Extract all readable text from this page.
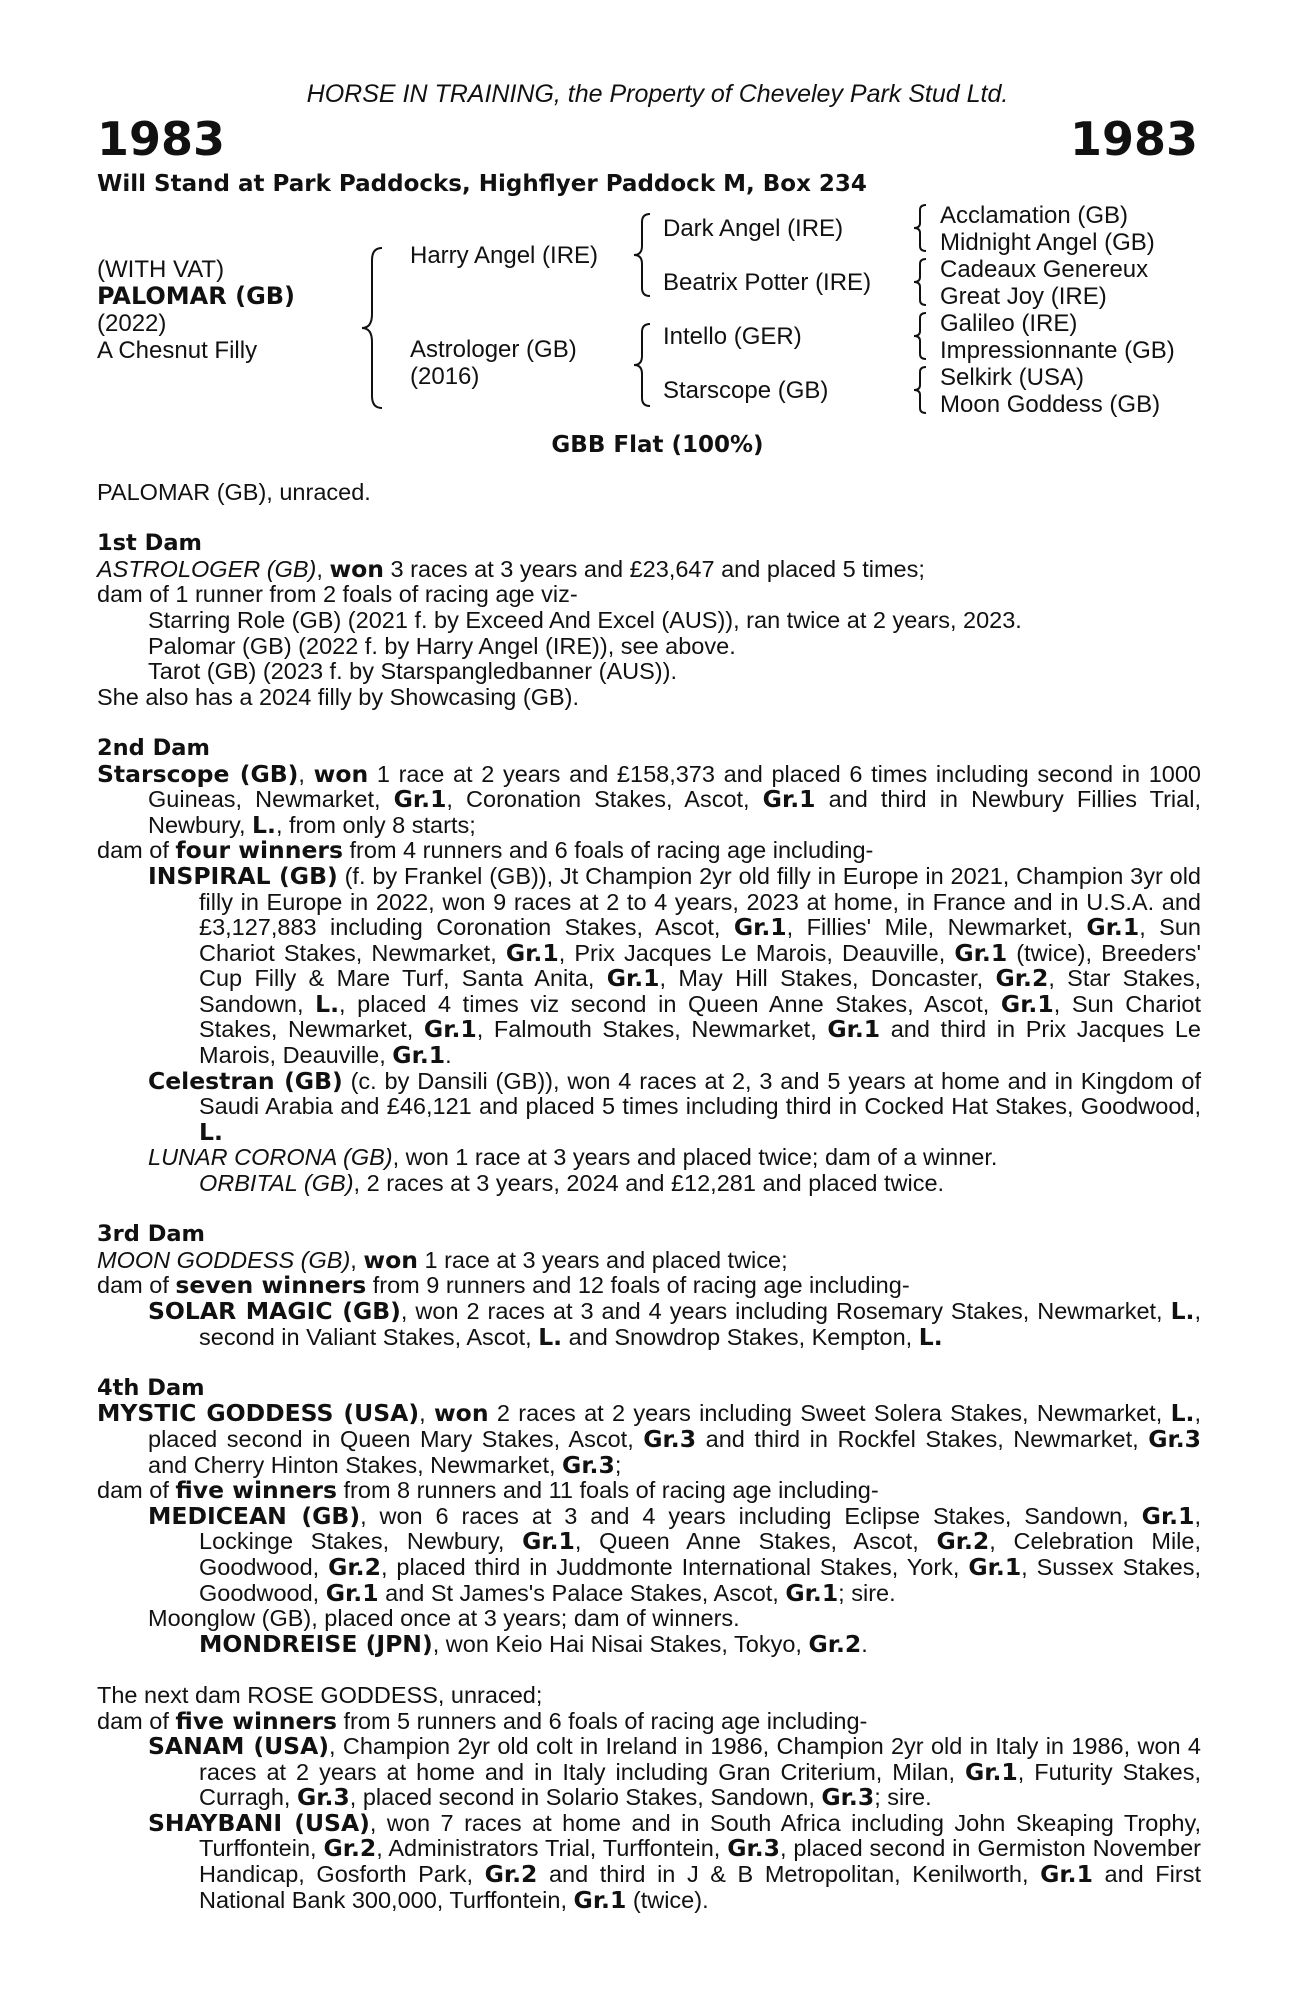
HORSE IN TRAINING, the Property of Cheveley Park Stud Ltd.
1983	1983
Will Stand at Park Paddocks, Highflyer Paddock M, Box 234
(WITH VAT)
PALOMAR (GB)
(2022)
A Chesnut Filly
Harry Angel (IRE)
Astrologer (GB)
(2016)
Dark Angel (IRE)
Beatrix Potter (IRE)
Intello (GER)
Starscope (GB)
Acclamation (GB)
Midnight Angel (GB)
Cadeaux Genereux
Great Joy (IRE)
Galileo (IRE)
Impressionnante (GB)
Selkirk (USA)
Moon Goddess (GB)
GBB Flat (100%)

PALOMAR (GB), unraced.

1st Dam

ASTROLOGER (GB), won 3 races at 3 years and £23,647 and placed 5 times;

dam of 1 runner from 2 foals of racing age viz-

Starring Role (GB) (2021 f. by Exceed And Excel (AUS)), ran twice at 2 years, 2023.

Palomar (GB) (2022 f. by Harry Angel (IRE)), see above.

Tarot (GB) (2023 f. by Starspangledbanner (AUS)).

She also has a 2024 filly by Showcasing (GB).

2nd Dam

Starscope (GB), won 1 race at 2 years and £158,373 and placed 6 times including second in 1000 Guineas, Newmarket, Gr.1, Coronation Stakes, Ascot, Gr.1 and third in Newbury Fillies Trial, Newbury, L., from only 8 starts;

dam of four winners from 4 runners and 6 foals of racing age including-

INSPIRAL (GB) (f. by Frankel (GB)), Jt Champion 2yr old filly in Europe in 2021, Champion 3yr old filly in Europe in 2022, won 9 races at 2 to 4 years, 2023 at home, in France and in U.S.A. and £3,127,883 including Coronation Stakes, Ascot, Gr.1, Fillies' Mile, Newmarket, Gr.1, Sun Chariot Stakes, Newmarket, Gr.1, Prix Jacques Le Marois, Deauville, Gr.1 (twice), Breeders' Cup Filly & Mare Turf, Santa Anita, Gr.1, May Hill Stakes, Doncaster, Gr.2, Star Stakes, Sandown, L., placed 4 times viz second in Queen Anne Stakes, Ascot, Gr.1, Sun Chariot Stakes, Newmarket, Gr.1, Falmouth Stakes, Newmarket, Gr.1 and third in Prix Jacques Le Marois, Deauville, Gr.1.

Celestran (GB) (c. by Dansili (GB)), won 4 races at 2, 3 and 5 years at home and in Kingdom of Saudi Arabia and £46,121 and placed 5 times including third in Cocked Hat Stakes, Goodwood, L.

LUNAR CORONA (GB), won 1 race at 3 years and placed twice; dam of a winner.

ORBITAL (GB), 2 races at 3 years, 2024 and £12,281 and placed twice.

3rd Dam

MOON GODDESS (GB), won 1 race at 3 years and placed twice;

dam of seven winners from 9 runners and 12 foals of racing age including-

SOLAR MAGIC (GB), won 2 races at 3 and 4 years including Rosemary Stakes, Newmarket, L., second in Valiant Stakes, Ascot, L. and Snowdrop Stakes, Kempton, L.

4th Dam

MYSTIC GODDESS (USA), won 2 races at 2 years including Sweet Solera Stakes, Newmarket, L., placed second in Queen Mary Stakes, Ascot, Gr.3 and third in Rockfel Stakes, Newmarket, Gr.3 and Cherry Hinton Stakes, Newmarket, Gr.3;

dam of five winners from 8 runners and 11 foals of racing age including-

MEDICEAN (GB), won 6 races at 3 and 4 years including Eclipse Stakes, Sandown, Gr.1, Lockinge Stakes, Newbury, Gr.1, Queen Anne Stakes, Ascot, Gr.2, Celebration Mile, Goodwood, Gr.2, placed third in Juddmonte International Stakes, York, Gr.1, Sussex Stakes, Goodwood, Gr.1 and St James's Palace Stakes, Ascot, Gr.1; sire.

Moonglow (GB), placed once at 3 years; dam of winners.

MONDREISE (JPN), won Keio Hai Nisai Stakes, Tokyo, Gr.2.

The next dam ROSE GODDESS, unraced;

dam of five winners from 5 runners and 6 foals of racing age including-

SANAM (USA), Champion 2yr old colt in Ireland in 1986, Champion 2yr old in Italy in 1986, won 4 races at 2 years at home and in Italy including Gran Criterium, Milan, Gr.1, Futurity Stakes, Curragh, Gr.3, placed second in Solario Stakes, Sandown, Gr.3; sire.

SHAYBANI (USA), won 7 races at home and in South Africa including John Skeaping Trophy, Turffontein, Gr.2, Administrators Trial, Turffontein, Gr.3, placed second in Germiston November Handicap, Gosforth Park, Gr.2 and third in J & B Metropolitan, Kenilworth, Gr.1 and First National Bank 300,000, Turffontein, Gr.1 (twice).
